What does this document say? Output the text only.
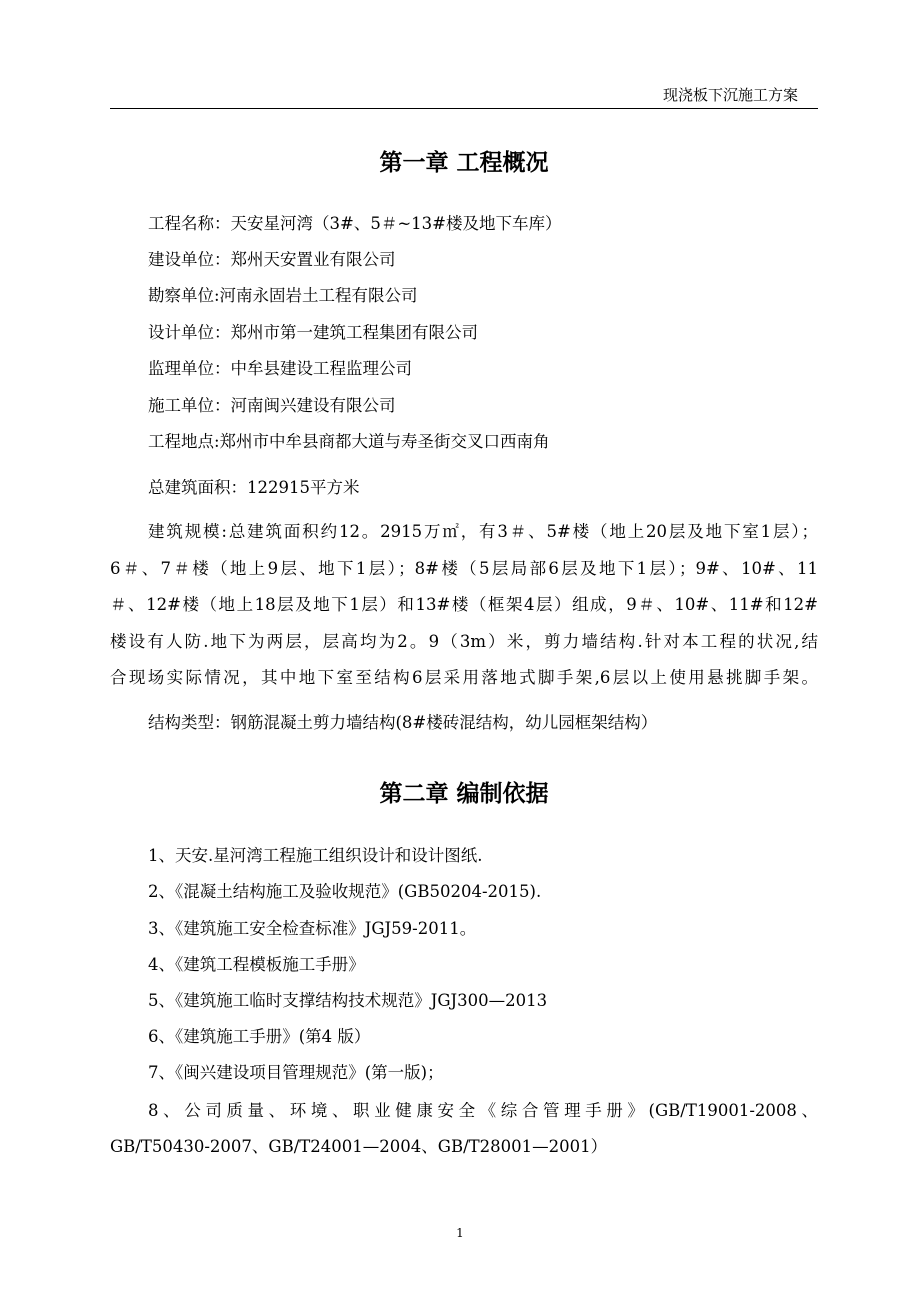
现浇板下沉施工方案
第一章 工程概况
工程名称：天安星河湾（3#、5＃~13#楼及地下车库）
建设单位：郑州天安置业有限公司
勘察单位:河南永固岩土工程有限公司
设计单位：郑州市第一建筑工程集团有限公司
监理单位：中牟县建设工程监理公司
施工单位：河南闽兴建设有限公司
工程地点:郑州市中牟县商都大道与寿圣街交叉口西南角
总建筑面积：122915平方米
建筑规模:总建筑面积约12。2915万㎡，有3＃、5#楼（地上20层及地下室1层）；
6＃、7＃楼（地上9层、地下1层）；8#楼（5层局部6层及地下1层）；9#、10#、11
＃、12#楼（地上18层及地下1层）和13#楼（框架4层）组成，9＃、10#、11#和12#
楼设有人防.地下为两层，层高均为2。9（3m）米，剪力墙结构.针对本工程的状况,结
合现场实际情况，其中地下室至结构6层采用落地式脚手架,6层以上使用悬挑脚手架。
结构类型：钢筋混凝土剪力墙结构(8#楼砖混结构，幼儿园框架结构）
第二章 编制依据
1、天安.星河湾工程施工组织设计和设计图纸.
2、《混凝土结构施工及验收规范》(GB50204-2015).
3、《建筑施工安全检查标准》JGJ59-2011。
4、《建筑工程模板施工手册》
5、《建筑施工临时支撑结构技术规范》JGJ300—2013
6、《建筑施工手册》(第4 版）
7、《闽兴建设项目管理规范》(第一版)；
8、公司质量、环境、职业健康安全《综合管理手册》(GB/T19001-2008、
GB/T50430-2007、GB/T24001—2004、GB/T28001—2001）
1
